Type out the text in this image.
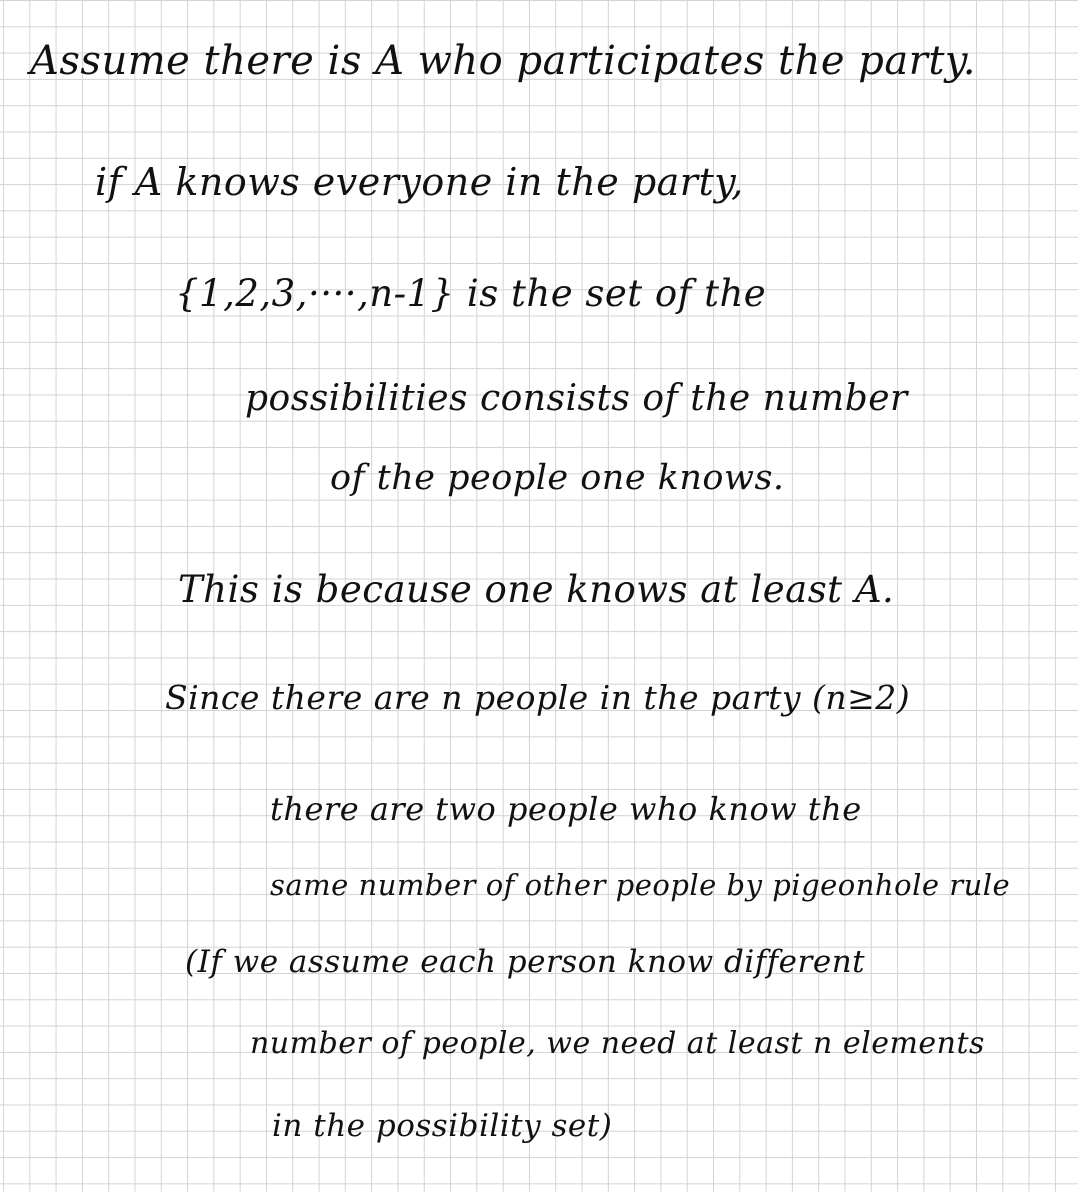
Assume there is A who participates the party.

if A knows everyone in the party,

{1,2,3,····,n-1} is the set of the

possibilities consists of the number

of the people one knows.

This is because one knows at least A.

Since there are n people in the party (n≥2)

there are two people who know the

same number of other people by pigeonhole rule

(If we assume each person know different

number of people, we need at least n elements

in the possibility set)
